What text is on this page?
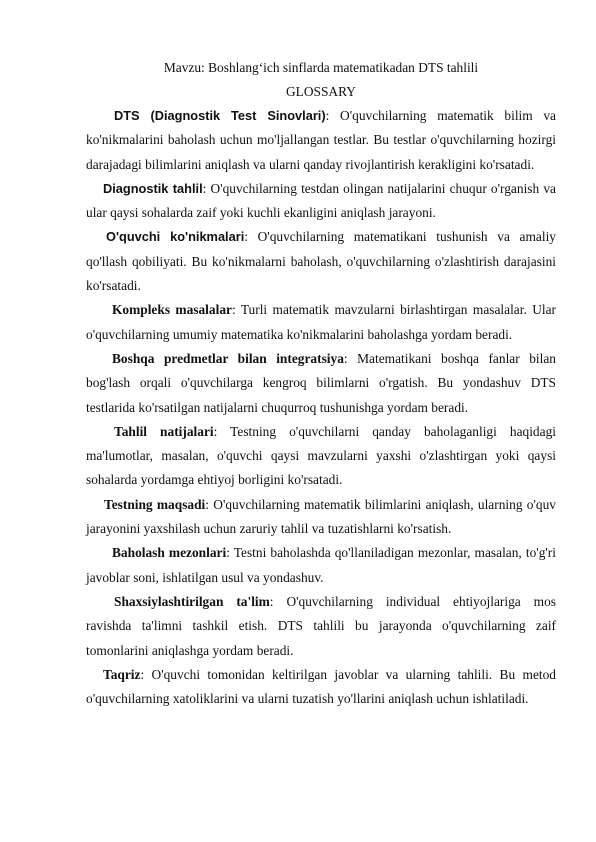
Mavzu: Boshlang‘ich sinflarda matematikadan DTS tahlili
GLOSSARY

DTS (Diagnostik Test Sinovlari): O'quvchilarning matematik bilim va ko'nikmalarini baholash uchun mo'ljallangan testlar. Bu testlar o'quvchilarning hozirgi darajadagi bilimlarini aniqlash va ularni qanday rivojlantirish kerakligini ko'rsatadi.

Diagnostik tahlil: O'quvchilarning testdan olingan natijalarini chuqur o'rganish va ular qaysi sohalarda zaif yoki kuchli ekanligini aniqlash jarayoni.

O'quvchi ko'nikmalari: O'quvchilarning matematikani tushunish va amaliy qo'llash qobiliyati. Bu ko'nikmalarni baholash, o'quvchilarning o'zlashtirish darajasini ko'rsatadi.

Kompleks masalalar: Turli matematik mavzularni birlashtirgan masalalar. Ular o'quvchilarning umumiy matematika ko'nikmalarini baholashga yordam beradi.

Boshqa predmetlar bilan integratsiya: Matematikani boshqa fanlar bilan bog'lash orqali o'quvchilarga kengroq bilimlarni o'rgatish. Bu yondashuv DTS testlarida ko'rsatilgan natijalarni chuqurroq tushunishga yordam beradi.

Tahlil natijalari: Testning o'quvchilarni qanday baholaganligi haqidagi ma'lumotlar, masalan, o'quvchi qaysi mavzularni yaxshi o'zlashtirgan yoki qaysi sohalarda yordamga ehtiyoj borligini ko'rsatadi.

Testning maqsadi: O'quvchilarning matematik bilimlarini aniqlash, ularning o'quv jarayonini yaxshilash uchun zaruriy tahlil va tuzatishlarni ko'rsatish.

Baholash mezonlari: Testni baholashda qo'llaniladigan mezonlar, masalan, to'g'ri javoblar soni, ishlatilgan usul va yondashuv.

Shaxsiylashtirilgan ta'lim: O'quvchilarning individual ehtiyojlariga mos ravishda ta'limni tashkil etish. DTS tahlili bu jarayonda o'quvchilarning zaif tomonlarini aniqlashga yordam beradi.

Taqriz: O'quvchi tomonidan keltirilgan javoblar va ularning tahlili. Bu metod o'quvchilarning xatoliklarini va ularni tuzatish yo'llarini aniqlash uchun ishlatiladi.
